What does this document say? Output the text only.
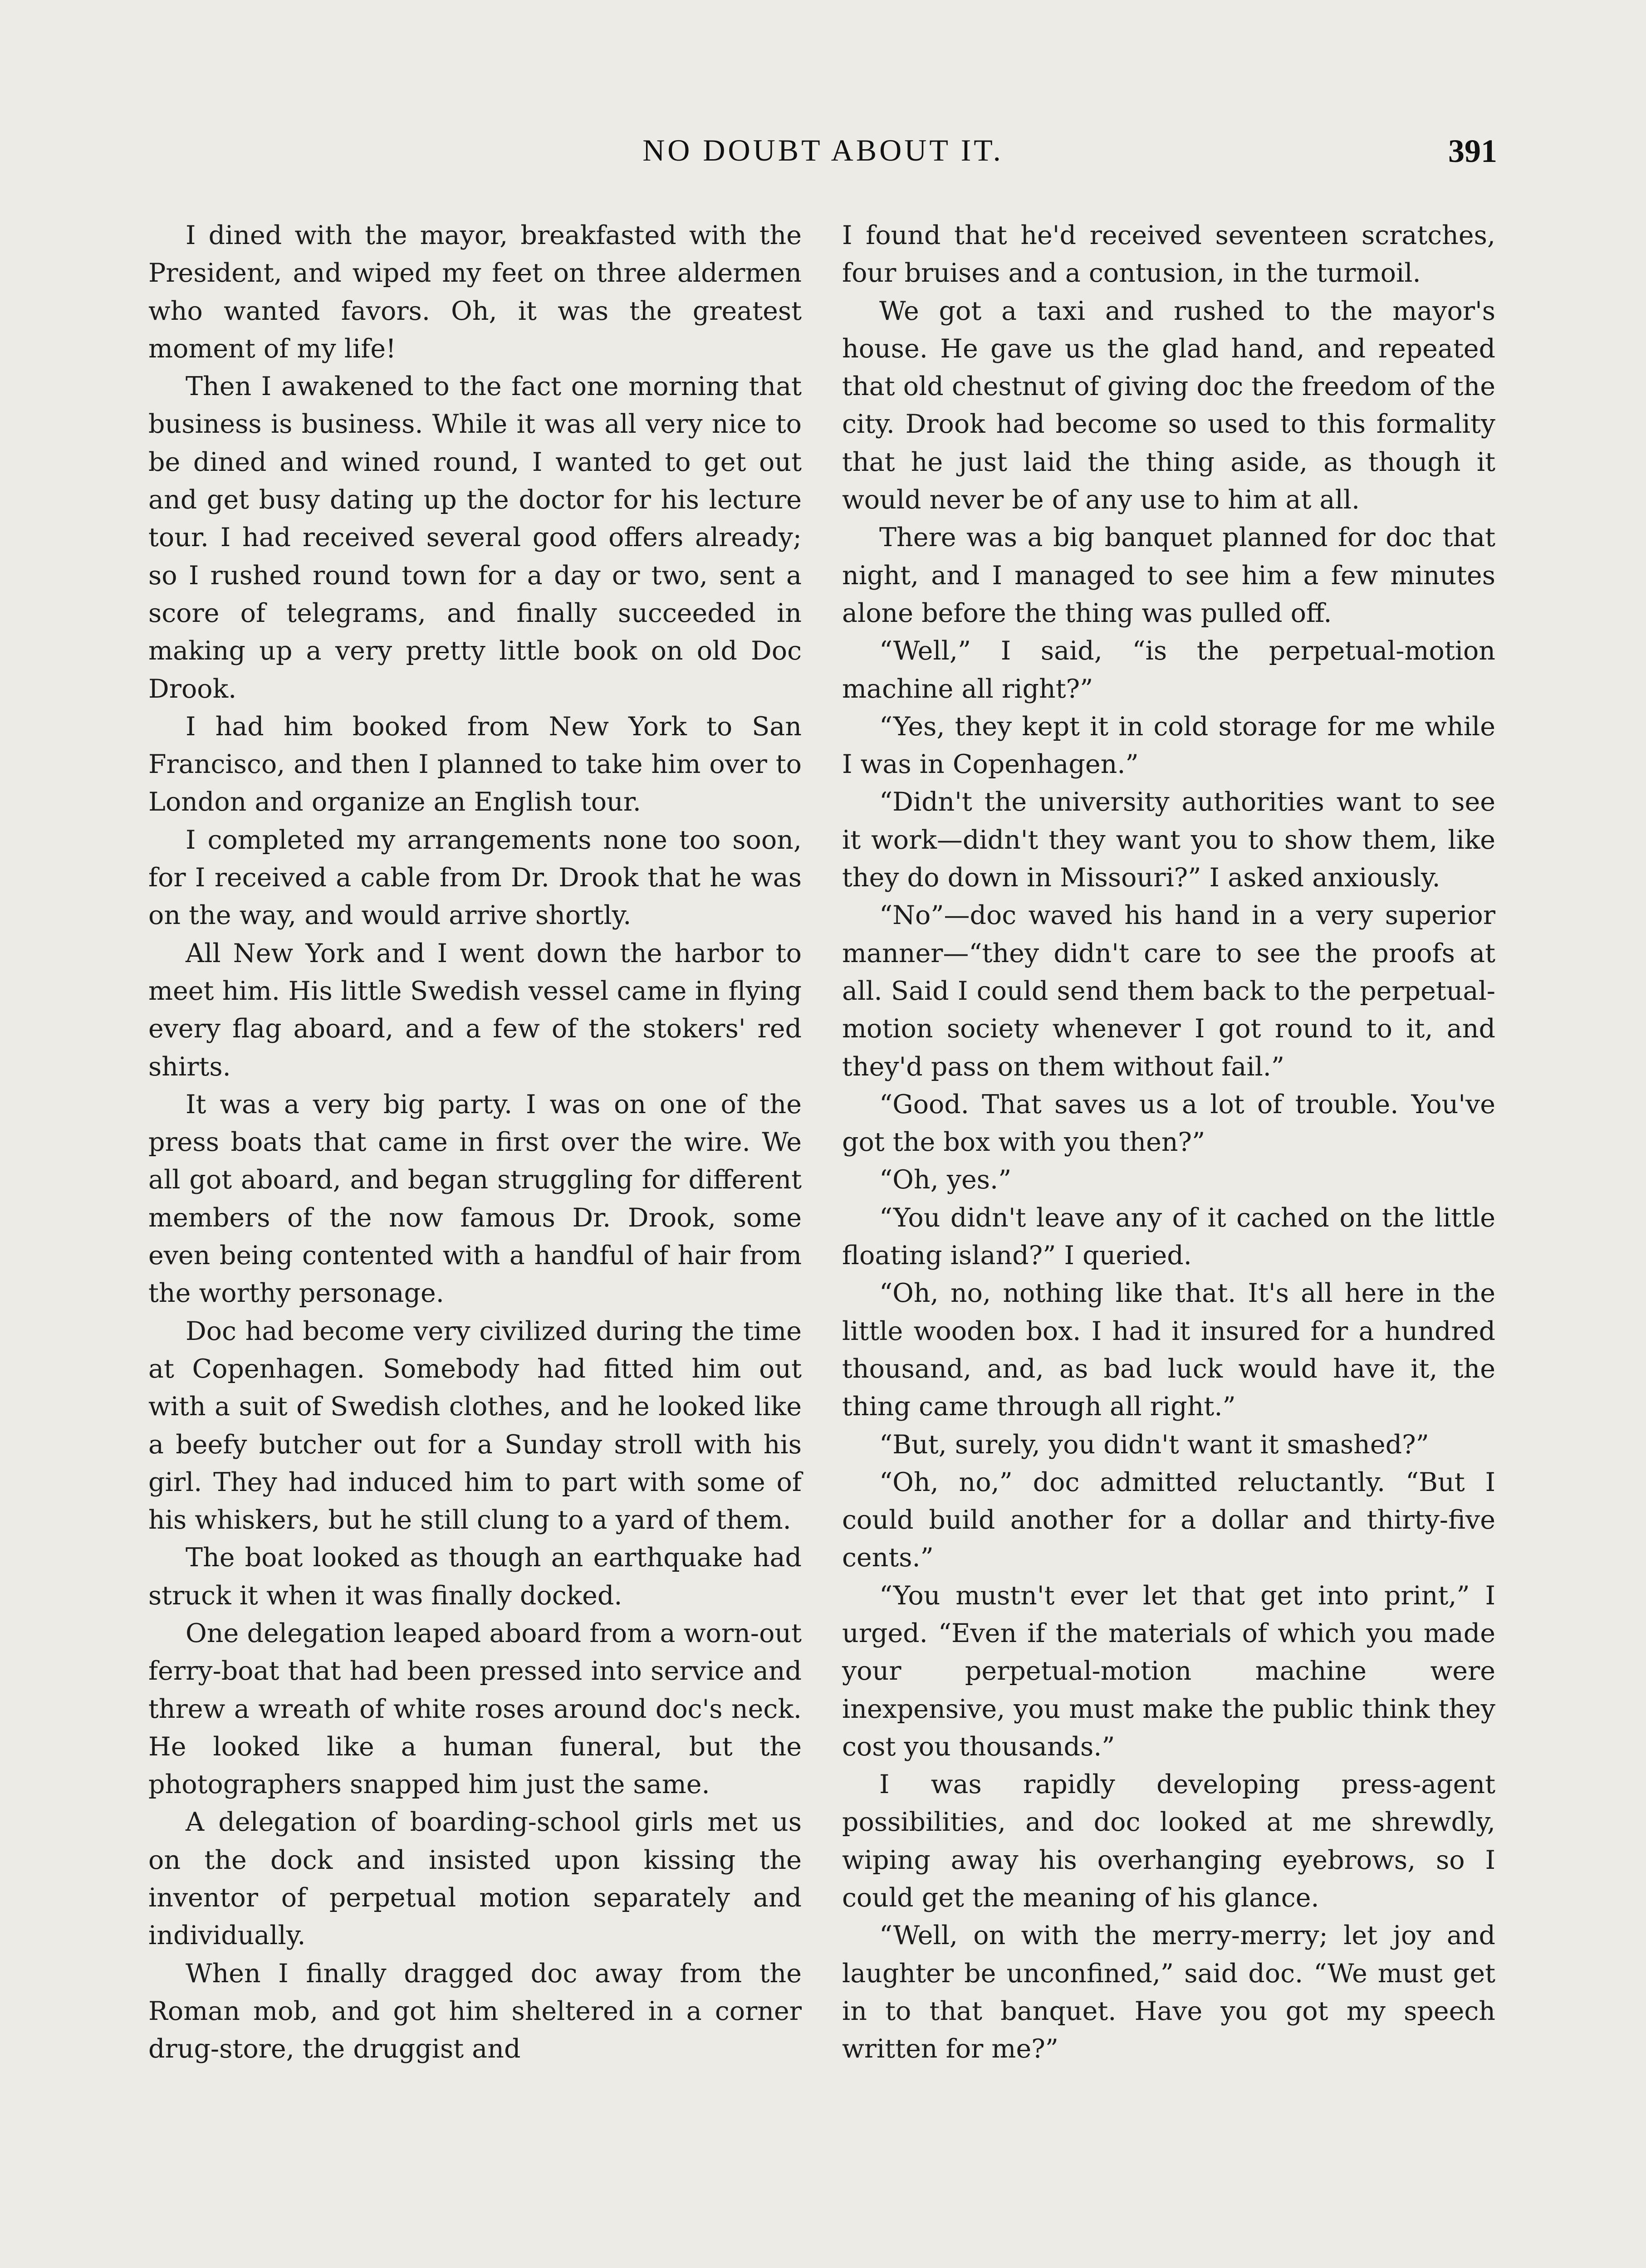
NO DOUBT ABOUT IT.	391

I dined with the mayor, breakfasted with the President, and wiped my feet on three aldermen who wanted favors. Oh, it was the greatest moment of my life!

Then I awakened to the fact one morning that business is business. While it was all very nice to be dined and wined round, I wanted to get out and get busy dating up the doctor for his lecture tour. I had received several good offers already; so I rushed round town for a day or two, sent a score of telegrams, and finally succeeded in making up a very pretty little book on old Doc Drook.

I had him booked from New York to San Francisco, and then I planned to take him over to London and organize an English tour.

I completed my arrangements none too soon, for I received a cable from Dr. Drook that he was on the way, and would arrive shortly.

All New York and I went down the harbor to meet him. His little Swedish vessel came in flying every flag aboard, and a few of the stokers' red shirts.

It was a very big party. I was on one of the press boats that came in first over the wire. We all got aboard, and began struggling for different members of the now famous Dr. Drook, some even being contented with a handful of hair from the worthy personage.

Doc had become very civilized during the time at Copenhagen. Somebody had fitted him out with a suit of Swedish clothes, and he looked like a beefy butcher out for a Sunday stroll with his girl. They had induced him to part with some of his whiskers, but he still clung to a yard of them.

The boat looked as though an earthquake had struck it when it was finally docked.

One delegation leaped aboard from a worn-out ferry-boat that had been pressed into service and threw a wreath of white roses around doc's neck. He looked like a human funeral, but the photographers snapped him just the same.

A delegation of boarding-school girls met us on the dock and insisted upon kissing the inventor of perpetual motion separately and individually.

When I finally dragged doc away from the Roman mob, and got him sheltered in a corner drug-store, the druggist and

I found that he'd received seventeen scratches, four bruises and a contusion, in the turmoil.

We got a taxi and rushed to the mayor's house. He gave us the glad hand, and repeated that old chestnut of giving doc the freedom of the city. Drook had become so used to this formality that he just laid the thing aside, as though it would never be of any use to him at all.

There was a big banquet planned for doc that night, and I managed to see him a few minutes alone before the thing was pulled off.

“Well,” I said, “is the perpetual-motion machine all right?”

“Yes, they kept it in cold storage for me while I was in Copenhagen.”

“Didn't the university authorities want to see it work—didn't they want you to show them, like they do down in Missouri?” I asked anxiously.

“No”—doc waved his hand in a very superior manner—“they didn't care to see the proofs at all. Said I could send them back to the perpetual-motion society whenever I got round to it, and they'd pass on them without fail.”

“Good. That saves us a lot of trouble. You've got the box with you then?”

“Oh, yes.”

“You didn't leave any of it cached on the little floating island?” I queried.

“Oh, no, nothing like that. It's all here in the little wooden box. I had it insured for a hundred thousand, and, as bad luck would have it, the thing came through all right.”

“But, surely, you didn't want it smashed?”

“Oh, no,” doc admitted reluctantly. “But I could build another for a dollar and thirty-five cents.”

“You mustn't ever let that get into print,” I urged. “Even if the materials of which you made your perpetual-motion machine were inexpensive, you must make the public think they cost you thousands.”

I was rapidly developing press-agent possibilities, and doc looked at me shrewdly, wiping away his overhanging eyebrows, so I could get the meaning of his glance.

“Well, on with the merry-merry; let joy and laughter be unconfined,” said doc. “We must get in to that banquet. Have you got my speech written for me?”
